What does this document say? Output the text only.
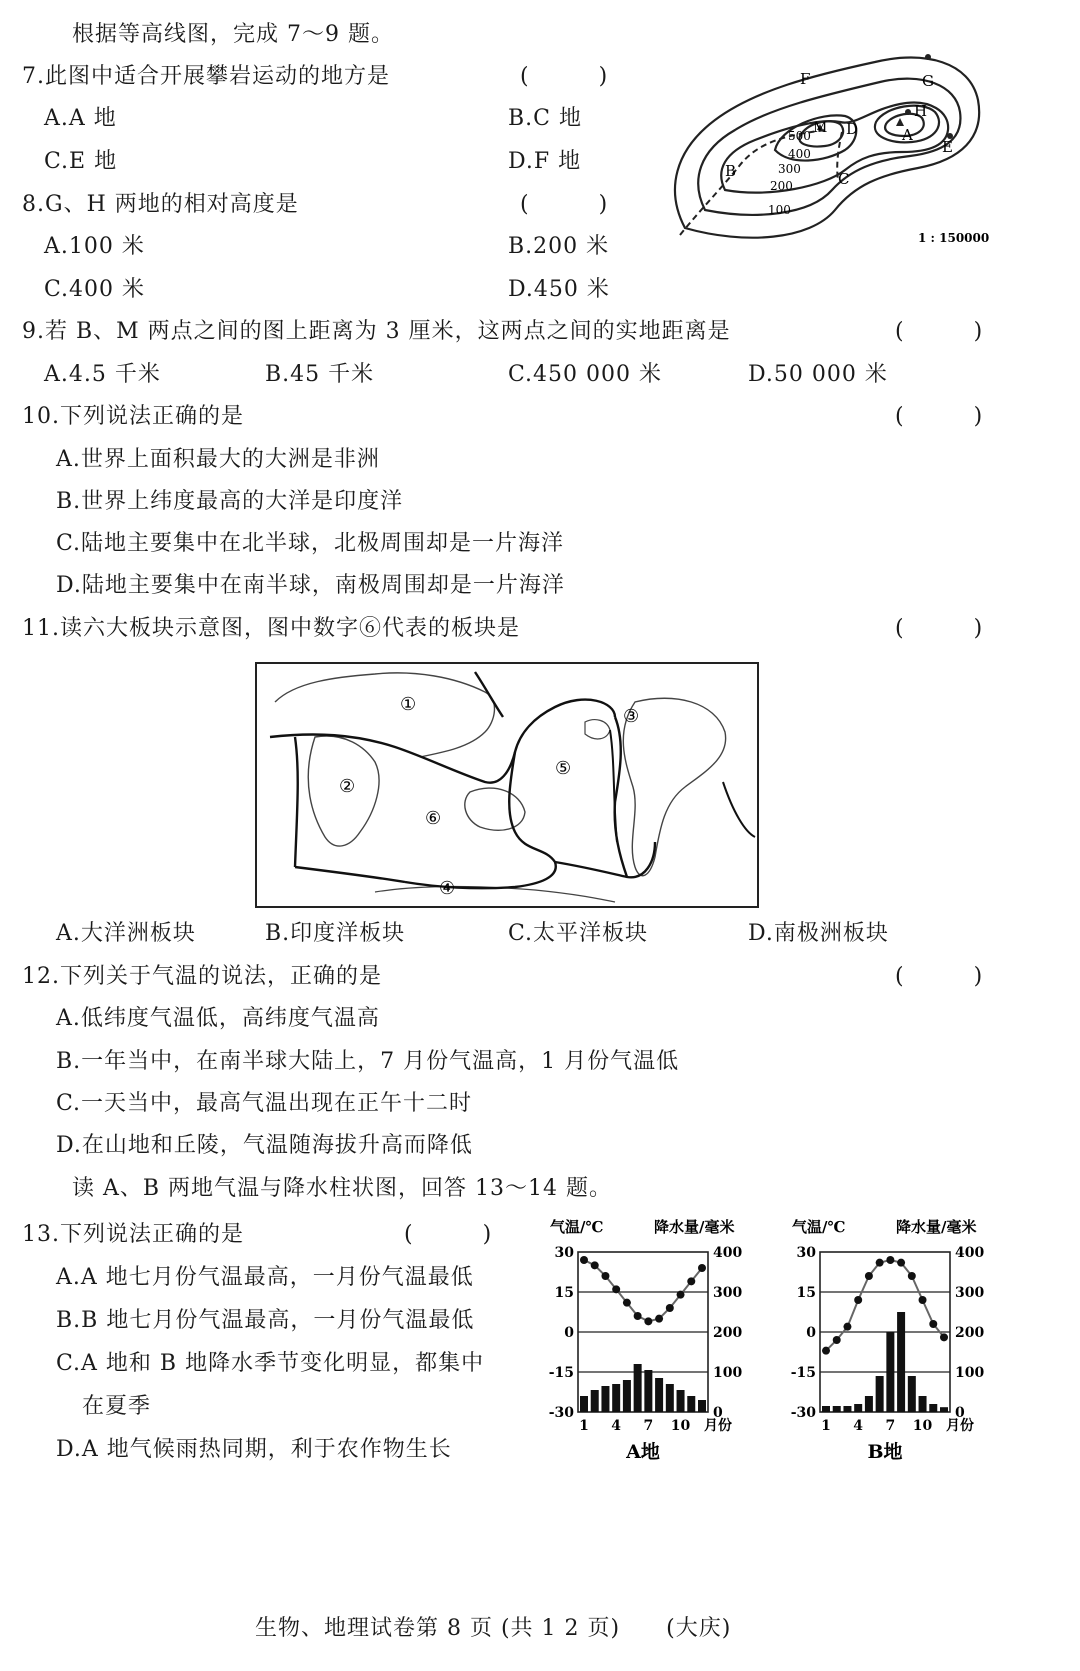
根据等高线图，完成 7～9 题。
7.此图中适合开展攀岩运动的地方是	(　　　)
A.A 地	B.C 地
C.E 地	D.F 地
8.G、H 两地的相对高度是	(　　　)
A.100 米	B.200 米
C.400 米	D.450 米
F	G
H
A
M D
E
B	C
500
400
300
200
100
1 : 150000
9.若 B、M 两点之间的图上距离为 3 厘米，这两点之间的实地距离是	(　　　)
A.4.5 千米	B.45 千米	C.450 000 米	D.50 000 米
10.下列说法正确的是	(　　　)
A.世界上面积最大的大洲是非洲
B.世界上纬度最高的大洋是印度洋
C.陆地主要集中在北半球，北极周围却是一片海洋
D.陆地主要集中在南半球，南极周围却是一片海洋
11.读六大板块示意图，图中数字⑥代表的板块是	(　　　)
①
②
③
④
⑤
⑥
A.大洋洲板块	B.印度洋板块	C.太平洋板块	D.南极洲板块
12.下列关于气温的说法，正确的是	(　　　)
A.低纬度气温低，高纬度气温高
B.一年当中，在南半球大陆上，7 月份气温高，1 月份气温低
C.一天当中，最高气温出现在正午十二时
D.在山地和丘陵，气温随海拔升高而降低
读 A、B 两地气温与降水柱状图，回答 13～14 题。
13.下列说法正确的是	(　　　)
A.A 地七月份气温最高，一月份气温最低
B.B 地七月份气温最高，一月份气温最低
C.A 地和 B 地降水季节变化明显，都集中
在夏季
D.A 地气候雨热同期，利于农作物生长
气温/℃	降水量/毫米
30	400
15	300
0	200
-15	100
-30	0
1 4 7 10 月份
A地
气温/℃	降水量/毫米
30	400
15	300
0	200
-15	100
-30	0
1 4 7 10 月份
B地
生物、地理试卷第 8 页 (共 1 2 页)　　(大庆)
